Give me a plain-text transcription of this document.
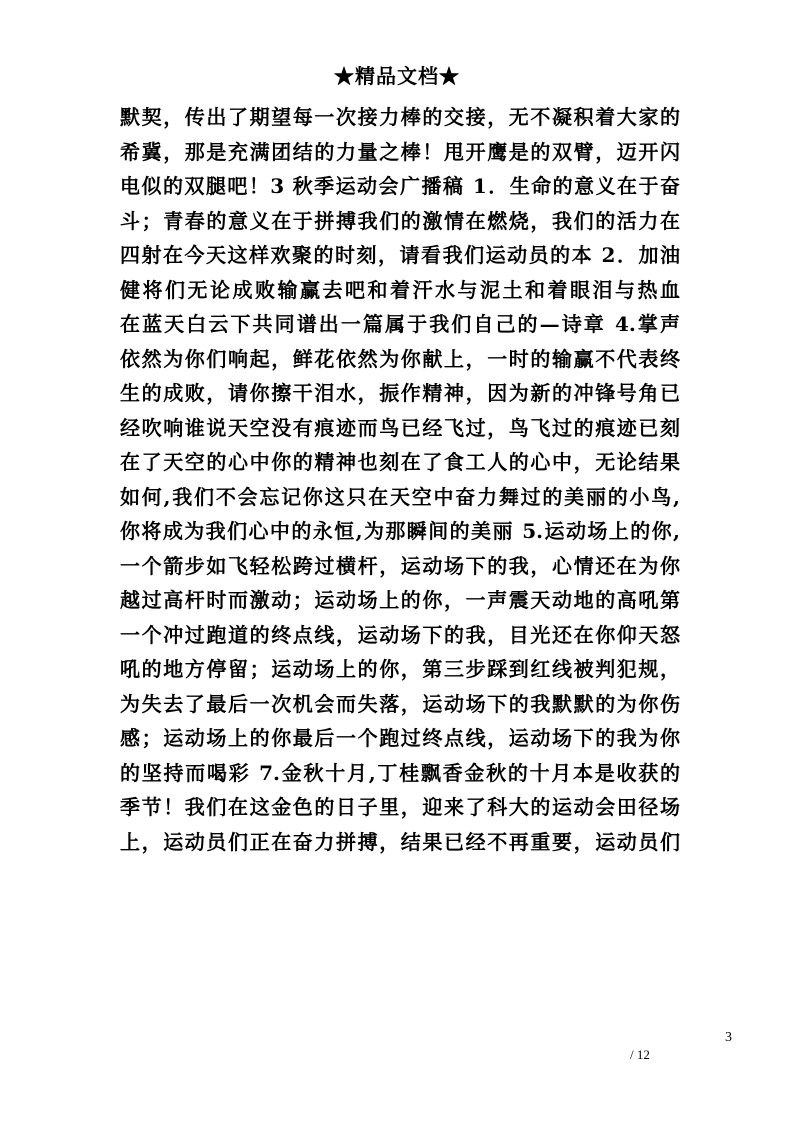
★精品文档★
默契，传出了期望每一次接力棒的交接，无不凝积着大家的
希冀，那是充满团结的力量之棒！甩开鹰是的双臂，迈开闪
电似的双腿吧！3 秋季运动会广播稿 1．生命的意义在于奋
斗；青春的意义在于拼搏我们的激情在燃烧，我们的活力在
四射在今天这样欢聚的时刻，请看我们运动员的本 2．加油
健将们无论成败输赢去吧和着汗水与泥土和着眼泪与热血
在蓝天白云下共同谱出一篇属于我们自己的—诗章 4.掌声
依然为你们响起，鲜花依然为你献上，一时的输赢不代表终
生的成败，请你擦干泪水，振作精神，因为新的冲锋号角已
经吹响谁说天空没有痕迹而鸟已经飞过，鸟飞过的痕迹已刻
在了天空的心中你的精神也刻在了食工人的心中，无论结果
如何,我们不会忘记你这只在天空中奋力舞过的美丽的小鸟,
你将成为我们心中的永恒,为那瞬间的美丽 5.运动场上的你,
一个箭步如飞轻松跨过横杆，运动场下的我，心情还在为你
越过高杆时而激动；运动场上的你，一声震天动地的高吼第
一个冲过跑道的终点线，运动场下的我，目光还在你仰天怒
吼的地方停留；运动场上的你，第三步踩到红线被判犯规，
为失去了最后一次机会而失落，运动场下的我默默的为你伤
感；运动场上的你最后一个跑过终点线，运动场下的我为你
的坚持而喝彩 7.金秋十月,丁桂飘香金秋的十月本是收获的
季节！我们在这金色的日子里，迎来了科大的运动会田径场
上，运动员们正在奋力拼搏，结果已经不再重要，运动员们
3
/ 12
